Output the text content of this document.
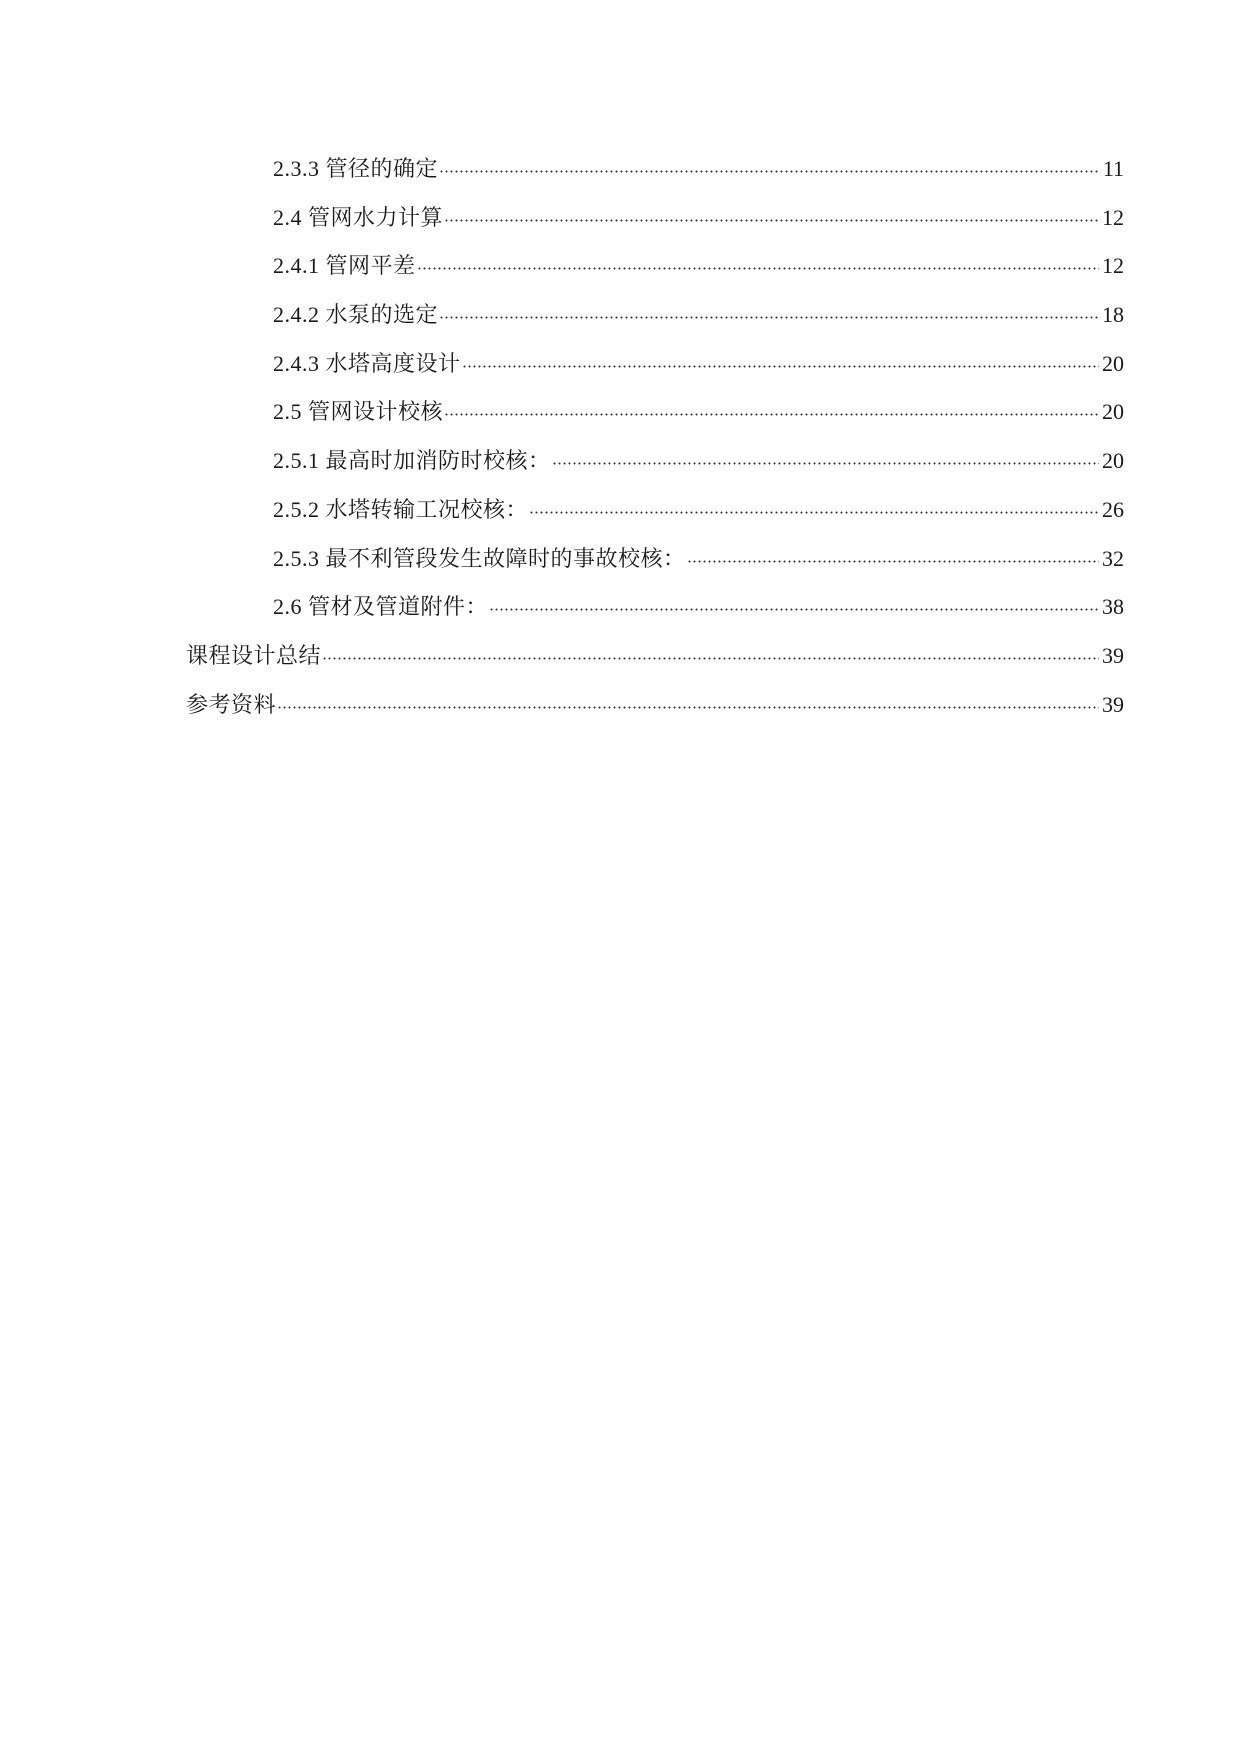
2.3.3 管径的确定	11
2.4 管网水力计算	12
2.4.1 管网平差	12
2.4.2 水泵的选定	18
2.4.3 水塔高度设计	20
2.5 管网设计校核	20
2.5.1 最高时加消防时校核：	20
2.5.2 水塔转输工况校核：	26
2.5.3 最不利管段发生故障时的事故校核：	32
2.6 管材及管道附件：	38
课程设计总结	39
参考资料	39
